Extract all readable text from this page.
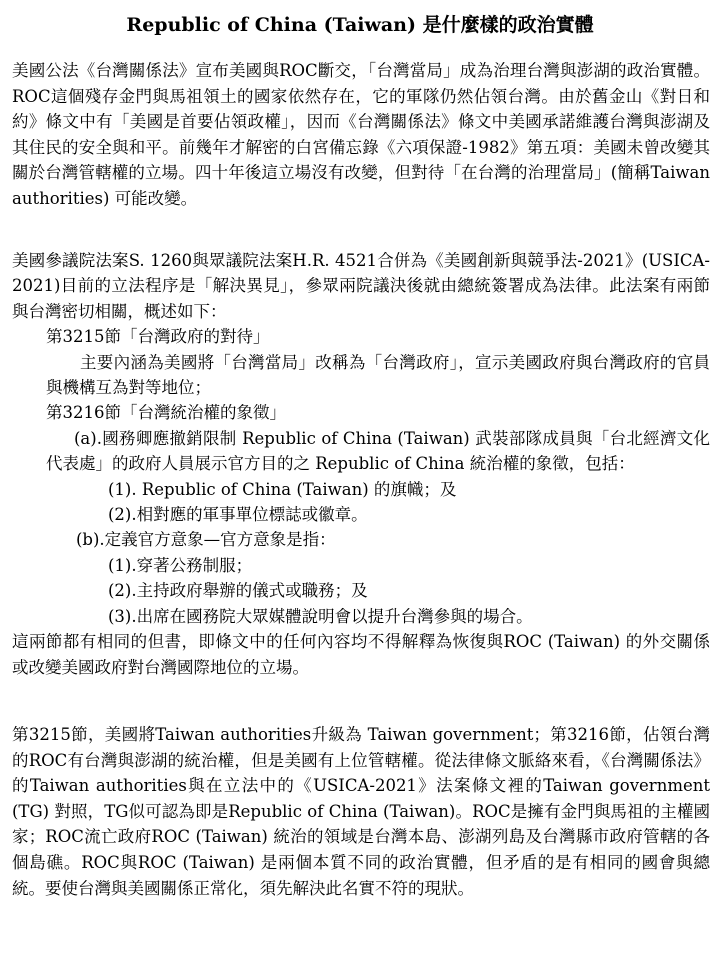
Republic of China (Taiwan) 是什麼樣的政治實體
美國公法《台灣關係法》宣布美國與ROC斷交，「台灣當局」成為治理台灣與澎湖的政治實體。ROC這個殘存金門與馬祖領土的國家依然存在，它的軍隊仍然佔領台灣。由於舊金山《對日和約》條文中有「美國是首要佔領政權」，因而《台灣關係法》條文中美國承諾維護台灣與澎湖及其住民的安全與和平。前幾年才解密的白宮備忘錄《六項保證-1982》第五項：美國未曾改變其關於台灣管轄權的立場。四十年後這立場沒有改變，但對待「在台灣的治理當局」(簡稱Taiwan authorities) 可能改變。
美國參議院法案S. 1260與眾議院法案H.R. 4521合併為《美國創新與競爭法-2021》(USICA-2021)目前的立法程序是「解決異見」，參眾兩院議決後就由總統簽署成為法律。此法案有兩節與台灣密切相關，概述如下：
第3215節「台灣政府的對待」
主要內涵為美國將「台灣當局」改稱為「台灣政府」，宣示美國政府與台灣政府的官員與機構互為對等地位；
第3216節「台灣統治權的象徵」
(a).國務卿應撤銷限制 Republic of China (Taiwan) 武裝部隊成員與「台北經濟文化代表處」的政府人員展示官方目的之 Republic of China 統治權的象徵，包括：
(1). Republic of China (Taiwan) 的旗幟；及
(2).相對應的軍事單位標誌或徽章。
(b).定義官方意象—官方意象是指：
(1).穿著公務制服；
(2).主持政府舉辦的儀式或職務；及
(3).出席在國務院大眾媒體說明會以提升台灣參與的場合。
這兩節都有相同的但書，即條文中的任何內容均不得解釋為恢復與ROC (Taiwan) 的外交關係或改變美國政府對台灣國際地位的立場。
第3215節，美國將Taiwan authorities升級為 Taiwan government；第3216節，佔領台灣的ROC有台灣與澎湖的統治權，但是美國有上位管轄權。從法律條文脈絡來看，《台灣關係法》的Taiwan authorities與在立法中的《USICA-2021》法案條文裡的Taiwan government (TG) 對照，TG似可認為即是Republic of China (Taiwan)。ROC是擁有金門與馬祖的主權國家；ROC流亡政府ROC (Taiwan) 統治的領域是台灣本島、澎湖列島及台灣縣市政府管轄的各個島礁。ROC與ROC (Taiwan) 是兩個本質不同的政治實體，但矛盾的是有相同的國會與總統。要使台灣與美國關係正常化，須先解決此名實不符的現狀。
